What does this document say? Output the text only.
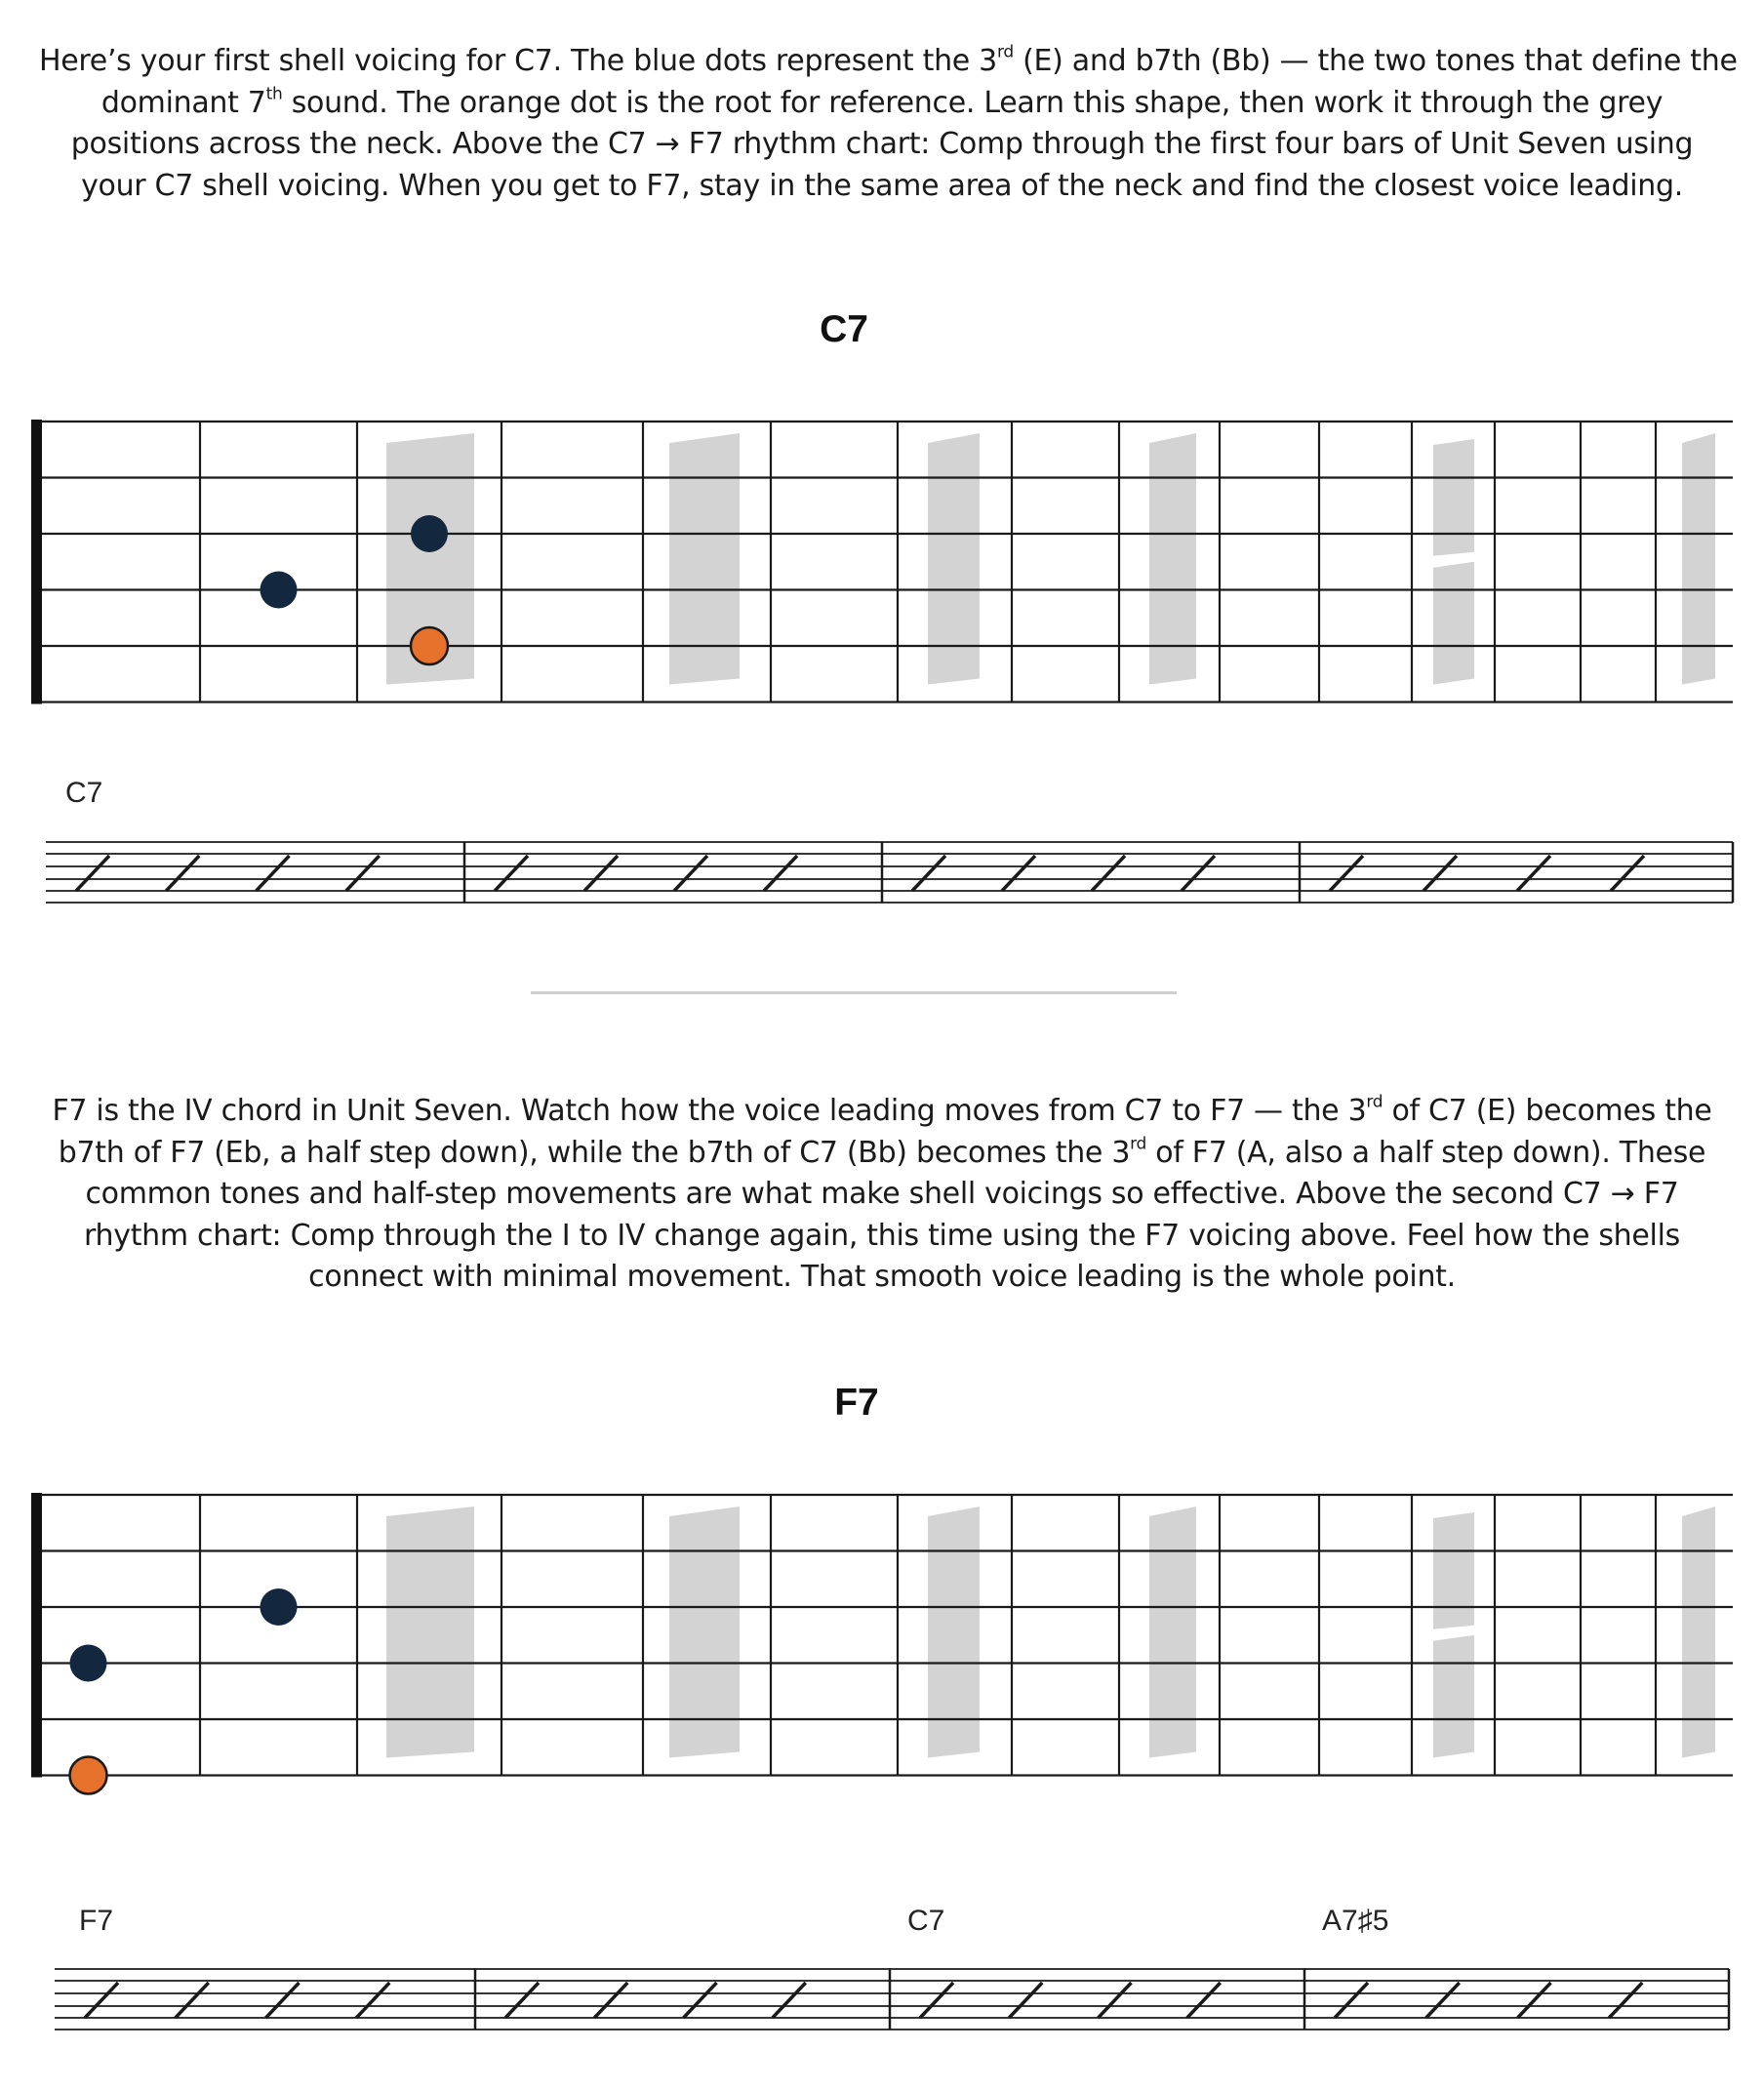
Here’s your first shell voicing for C7. The blue dots represent the 3rd (E) and b7th (Bb) — the two tones that define the
dominant 7th sound. The orange dot is the root for reference. Learn this shape, then work it through the grey
positions across the neck. Above the C7 → F7 rhythm chart: Comp through the first four bars of Unit Seven using
your C7 shell voicing. When you get to F7, stay in the same area of the neck and find the closest voice leading.
C7
C7
F7 is the IV chord in Unit Seven. Watch how the voice leading moves from C7 to F7 — the 3rd of C7 (E) becomes the
b7th of F7 (Eb, a half step down), while the b7th of C7 (Bb) becomes the 3rd of F7 (A, also a half step down). These
common tones and half-step movements are what make shell voicings so effective. Above the second C7 → F7
rhythm chart: Comp through the I to IV change again, this time using the F7 voicing above. Feel how the shells
connect with minimal movement. That smooth voice leading is the whole point.
F7
F7	C7	A7♯5
